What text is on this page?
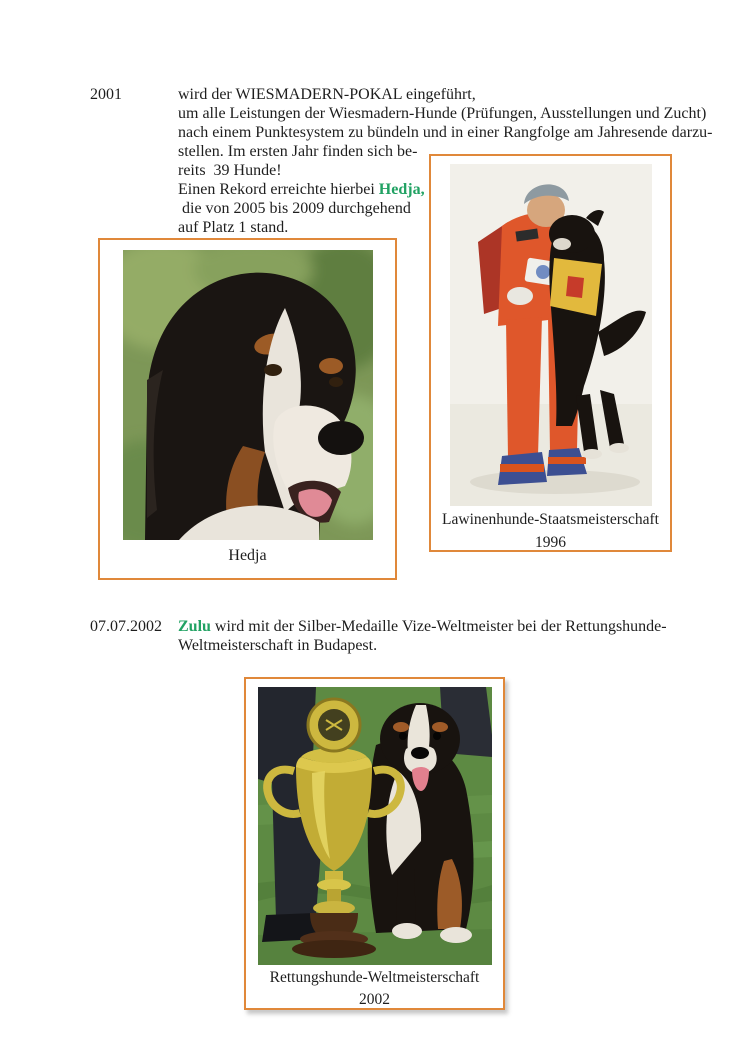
2001	wird der WIESMADERN-POKAL eingeführt,
um alle Leistungen der Wiesmadern-Hunde (Prüfungen, Ausstellungen und Zucht)
nach einem Punktesystem zu bündeln und in einer Rangfolge am Jahresende darzu-
stellen. Im ersten Jahr finden sich be-
reits  39 Hunde!
Einen Rekord erreichte hierbei Hedja,
die von 2005 bis 2009 durchgehend
auf Platz 1 stand.
Lawinenhunde-Staatsmeisterschaft
1996
Hedja
07.07.2002 Zulu wird mit der Silber-Medaille Vize-Weltmeister bei der Rettungshunde-
Weltmeisterschaft in Budapest.
Rettungshunde-Weltmeisterschaft
2002
